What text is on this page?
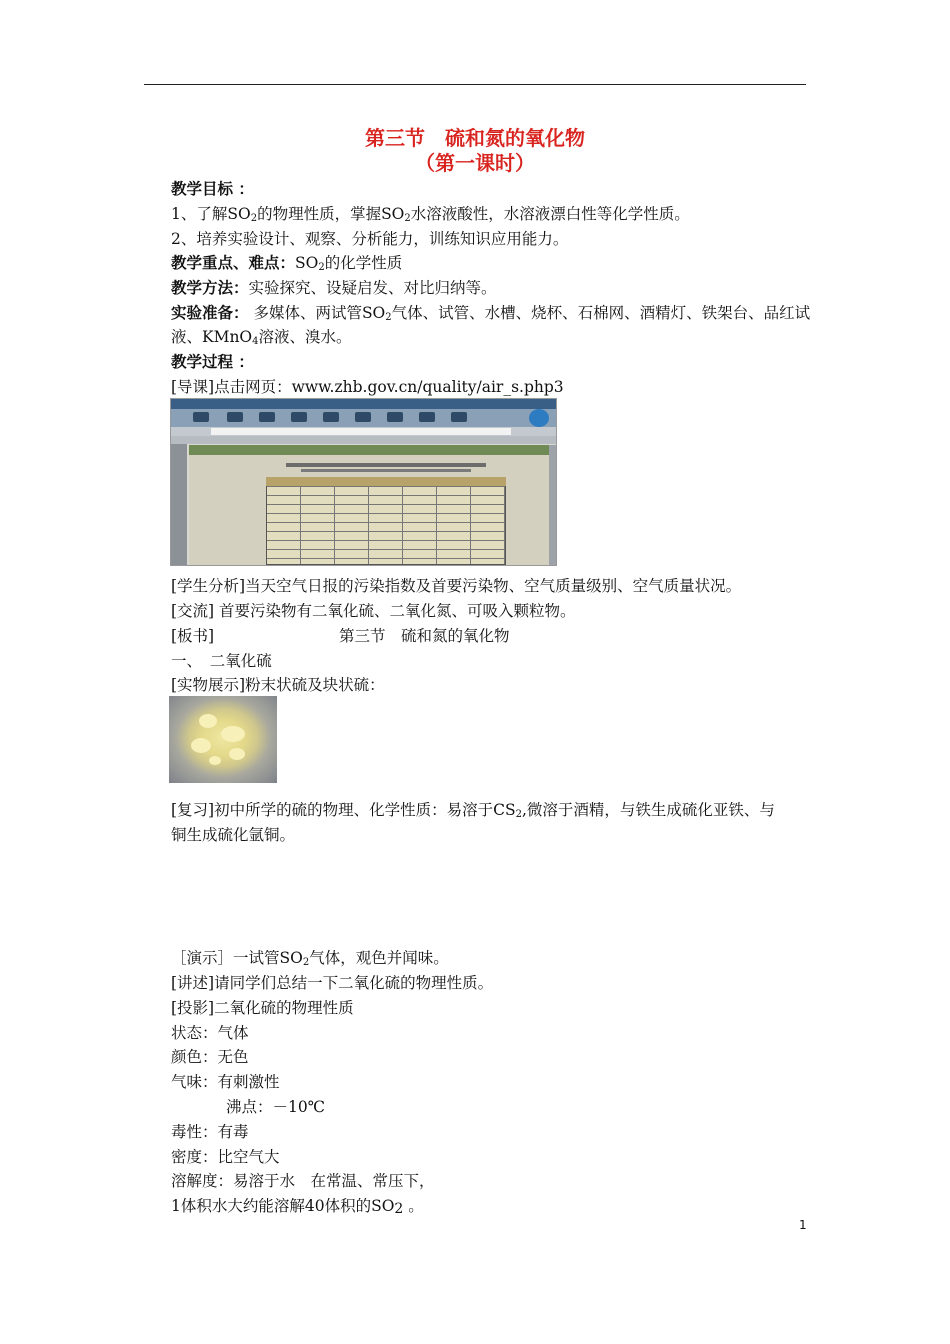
第三节　硫和氮的氧化物
（第一课时）
教学目标 ：
1、了解$SO_2$的物理性质，掌握$SO_2$水溶液酸性，水溶液漂白性等化学性质。
2、培养实验设计、观察、分析能力，训练知识应用能力。
教学重点、难点：$SO_2$的化学性质
教学方法：实验探究、设疑启发、对比归纳等。
实验准备： 多媒体、两试管$SO_2$气体、试管、水槽、烧杯、石棉网、酒精灯、铁架台、品红试
液、KMnO$_4$溶液、溴水。
教学过程 ：
[导课]点击网页：www.zhb.gov.cn/quality/air_s.php3
[学生分析]当天空气日报的污染指数及首要污染物、空气质量级别、空气质量状况。
[交流] 首要污染物有二氧化硫、二氧化氮、可吸入颗粒物。
[板书]	第三节　硫和氮的氧化物
一、　二氧化硫
[实物展示]粉末状硫及块状硫：
[复习]初中所学的硫的物理、化学性质：易溶于$CS_2$,微溶于酒精，与铁生成硫化亚铁、与
铜生成硫化氩铜。
［演示］一试管$SO_2$气体，观色并闻味。
[讲述]请同学们总结一下二氧化硫的物理性质。
[投影]二氧化硫的物理性质
状态：气体
颜色：无色
气味：有刺激性
沸点：－10℃
毒性：有毒
密度：比空气大
溶解度：易溶于水　在常温、常压下，
1体积水大约能溶解40体积的SO2 。
1
